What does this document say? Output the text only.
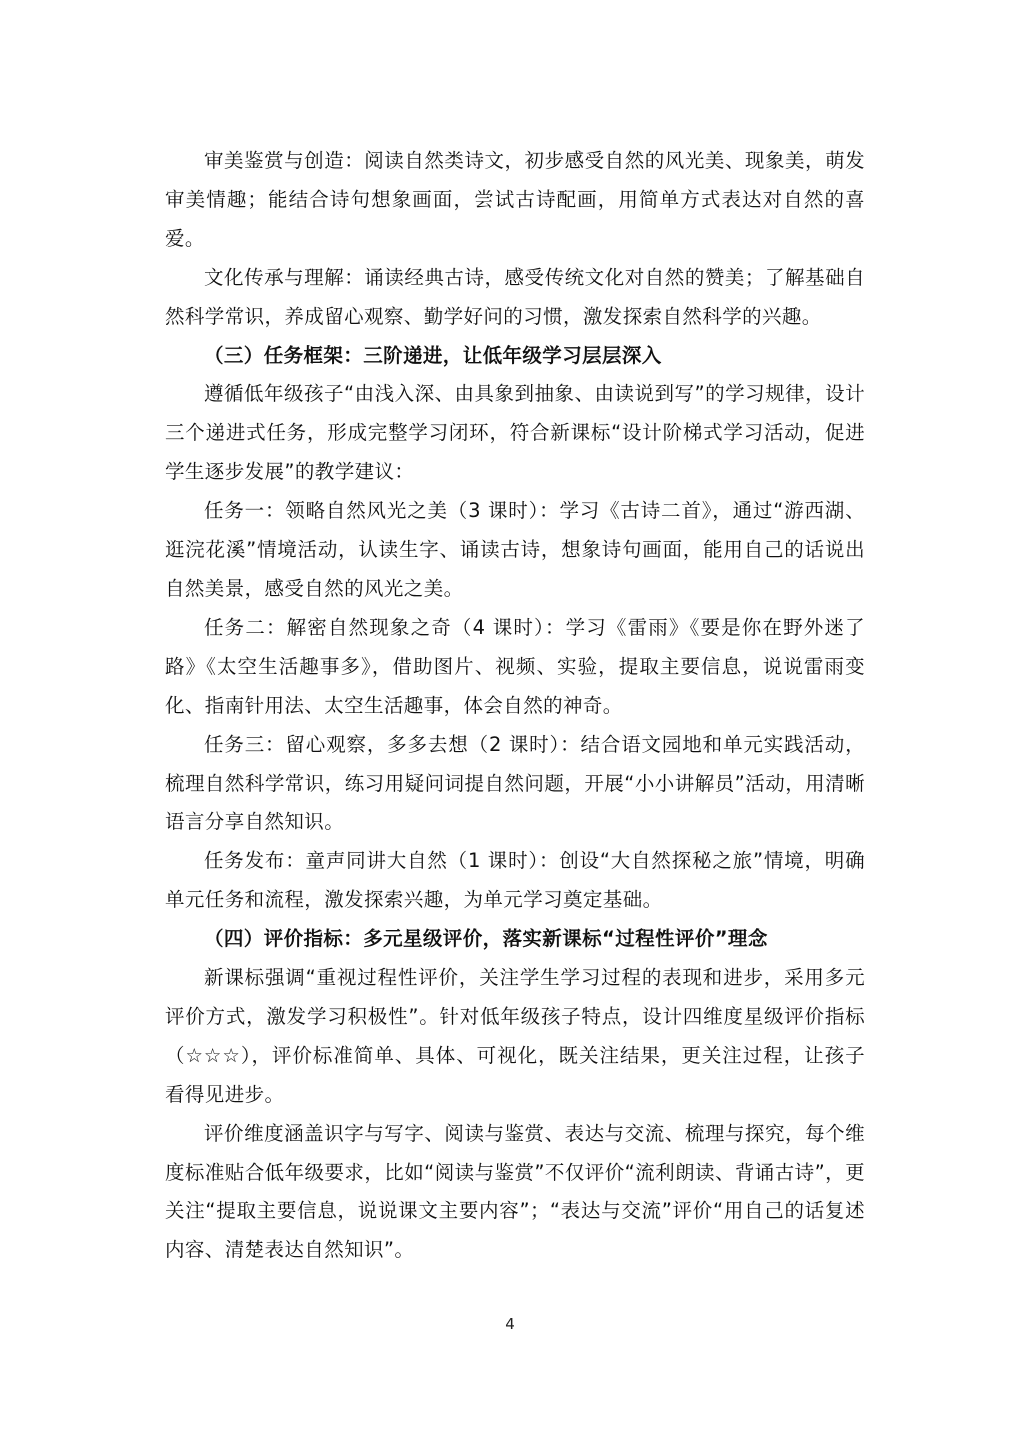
审美鉴赏与创造：阅读自然类诗文，初步感受自然的风光美、现象美，萌发审美情趣；能结合诗句想象画面，尝试古诗配画，用简单方式表达对自然的喜爱。

文化传承与理解：诵读经典古诗，感受传统文化对自然的赞美；了解基础自然科学常识，养成留心观察、勤学好问的习惯，激发探索自然科学的兴趣。

（三）任务框架：三阶递进，让低年级学习层层深入

遵循低年级孩子“由浅入深、由具象到抽象、由读说到写”的学习规律，设计三个递进式任务，形成完整学习闭环，符合新课标“设计阶梯式学习活动，促进学生逐步发展”的教学建议：

任务一：领略自然风光之美（3 课时）：学习《古诗二首》，通过“游西湖、逛浣花溪”情境活动，认读生字、诵读古诗，想象诗句画面，能用自己的话说出自然美景，感受自然的风光之美。

任务二：解密自然现象之奇（4 课时）：学习《雷雨》《要是你在野外迷了路》《太空生活趣事多》，借助图片、视频、实验，提取主要信息，说说雷雨变化、指南针用法、太空生活趣事，体会自然的神奇。

任务三：留心观察，多多去想（2 课时）：结合语文园地和单元实践活动，梳理自然科学常识，练习用疑问词提自然问题，开展“小小讲解员”活动，用清晰语言分享自然知识。

任务发布：童声同讲大自然（1 课时）：创设“大自然探秘之旅”情境，明确单元任务和流程，激发探索兴趣，为单元学习奠定基础。

（四）评价指标：多元星级评价，落实新课标“过程性评价”理念

新课标强调“重视过程性评价，关注学生学习过程的表现和进步，采用多元评价方式，激发学习积极性”。针对低年级孩子特点，设计四维度星级评价指标（☆☆☆），评价标准简单、具体、可视化，既关注结果，更关注过程，让孩子看得见进步。

评价维度涵盖识字与写字、阅读与鉴赏、表达与交流、梳理与探究，每个维度标准贴合低年级要求，比如“阅读与鉴赏”不仅评价“流利朗读、背诵古诗”，更关注“提取主要信息，说说课文主要内容”；“表达与交流”评价“用自己的话复述内容、清楚表达自然知识”。

4
